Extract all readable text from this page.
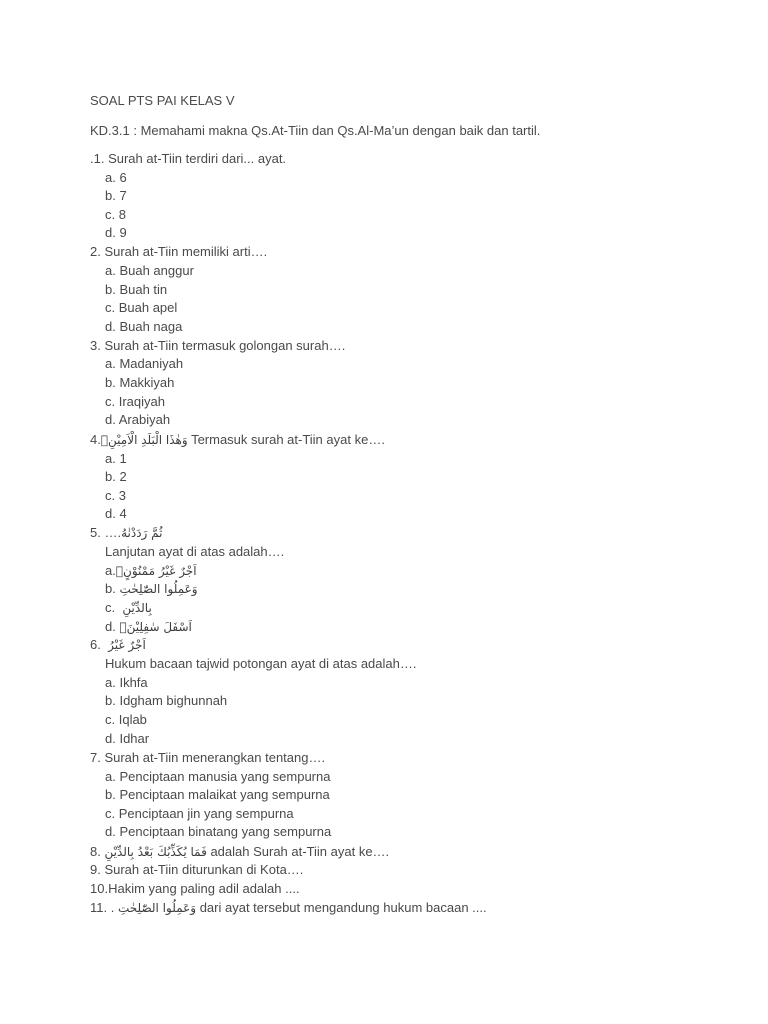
SOAL PTS PAI KELAS V
KD.3.1 : Memahami makna Qs.At-Tiin dan Qs.Al-Ma’un dengan baik dan tartil.
.1. Surah at-Tiin terdiri dari... ayat.
a. 6
b. 7
c. 8
d. 9
2. Surah at-Tiin memiliki arti….
a. Buah anggur
b. Buah tin
c. Buah apel
d. Buah naga
3. Surah at-Tiin termasuk golongan surah….
a. Madaniyah
b. Makkiyah
c. Iraqiyah
d. Arabiyah
4.وَهٰذَا الْبَلَدِ الْاَمِيْنِۙ Termasuk surah at-Tiin ayat ke….
a. 1
b. 2
c. 3
d. 4
5. ….ثُمَّ رَدَدْنٰهُ
Lanjutan ayat di atas adalah….
a.اَجْرٌ غَيْرُ مَمْنُوْنٍۗ
b. وَعَمِلُوا الصّٰلِحٰتِ
c. بِالدِّيْنِ
d. اَسْفَلَ سٰفِلِيْنَۙ
6. اَجْرٌ غَيْرُ
Hukum bacaan tajwid potongan ayat di atas adalah….
a. Ikhfa
b. Idgham bighunnah
c. Iqlab
d. Idhar
7. Surah at-Tiin menerangkan tentang….
a. Penciptaan manusia yang sempurna
b. Penciptaan malaikat yang sempurna
c. Penciptaan jin yang sempurna
d. Penciptaan binatang yang sempurna
8. فَمَا يُكَذِّبُكَ بَعْدُ بِالدِّيْنِ adalah Surah at-Tiin ayat ke….
9. Surah at-Tiin diturunkan di Kota….
10.Hakim yang paling adil adalah ....
11. . وَعَمِلُوا الصّٰلِحٰتِ dari ayat tersebut mengandung hukum bacaan ....
